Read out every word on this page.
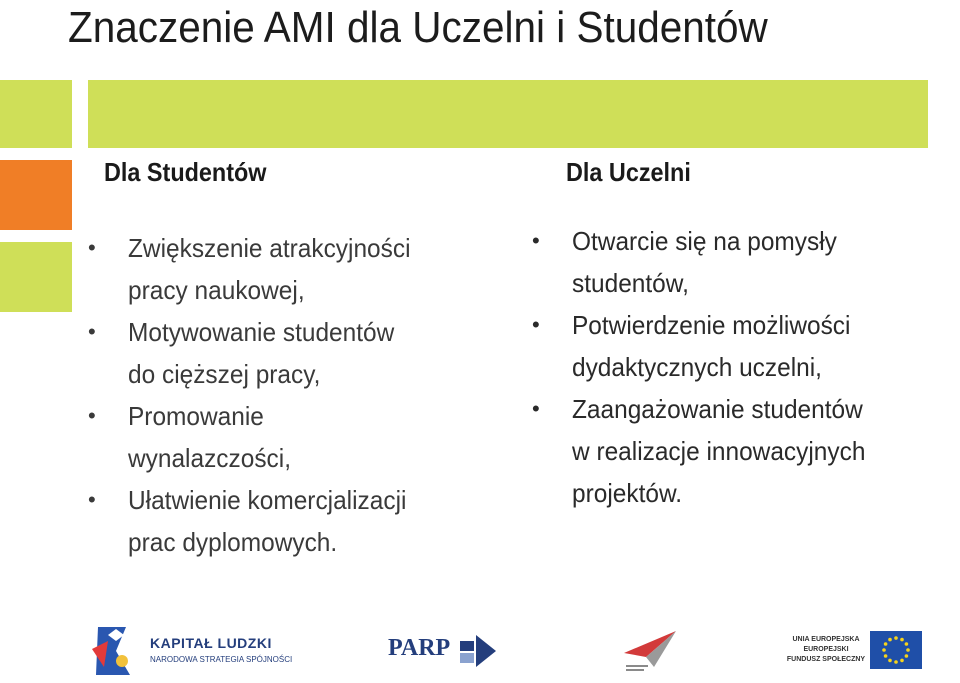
Znaczenie AMI dla Uczelni i Studentów
Dla Studentów	Dla Uczelni
• Zwiększenie atrakcyjności
pracy naukowej,
• Motywowanie studentów
do cięższej pracy,
• Promowanie
wynalazczości,
• Ułatwienie komercjalizacji
prac dyplomowych.
• Otwarcie się na pomysły
studentów,
• Potwierdzenie możliwości
dydaktycznych uczelni,
• Zaangażowanie studentów
w realizacje innowacyjnych
projektów.
KAPITAŁ LUDZKI
NARODOWA STRATEGIA SPÓJNOŚCI	PARP	UNIA EUROPEJSKA
EUROPEJSKI
FUNDUSZ SPOŁECZNY
